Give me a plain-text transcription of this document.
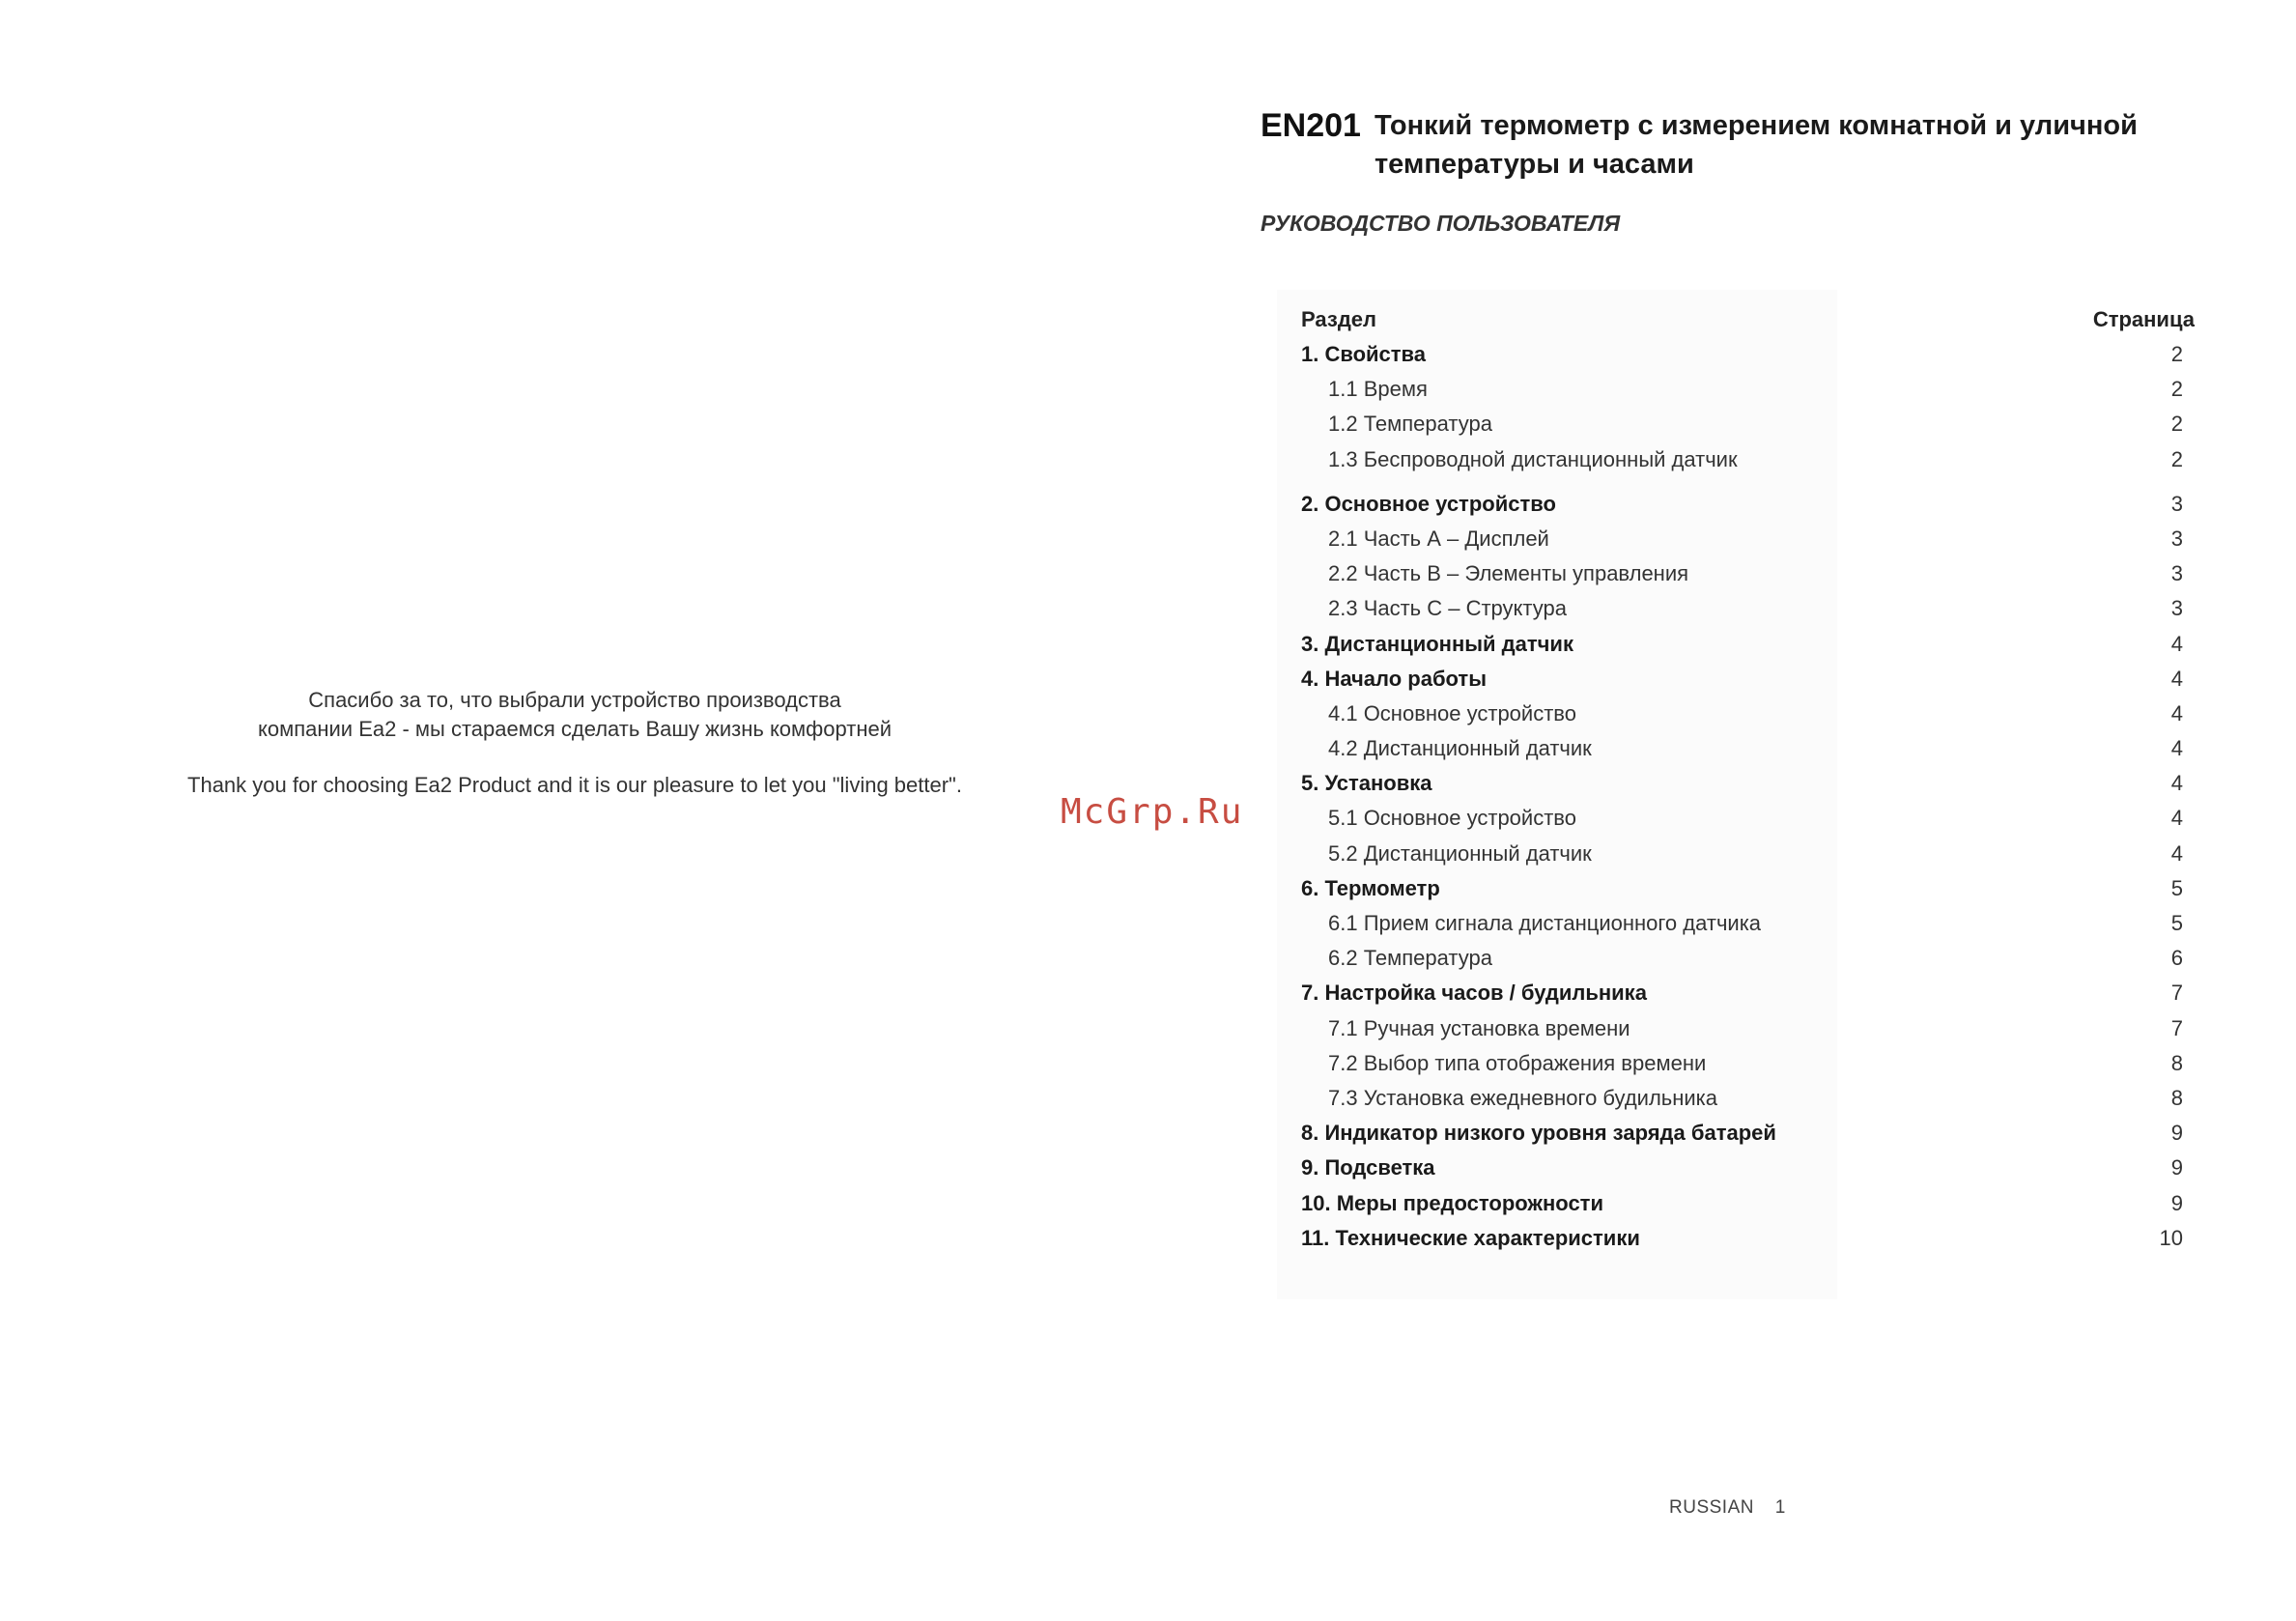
Спасибо за то, что выбрали устройство производства
компании Ea2 - мы стараемся сделать Вашу жизнь комфортней
Thank you for choosing Ea2 Product and it is our pleasure to let you "living better".
McGrp.Ru
EN201 Тонкий термометр с измерением комнатной и уличной температуры и часами
РУКОВОДСТВО ПОЛЬЗОВАТЕЛЯ
Раздел	Страница
1. Свойства	2
1.1 Время	2
1.2 Температура	2
1.3 Беспроводной дистанционный датчик	2
2. Основное устройство	3
2.1 Часть А – Дисплей	3
2.2 Часть В – Элементы управления	3
2.3 Часть С – Структура	3
3. Дистанционный датчик	4
4. Начало работы	4
4.1 Основное устройство	4
4.2 Дистанционный датчик	4
5. Установка	4
5.1 Основное устройство	4
5.2 Дистанционный датчик	4
6. Термометр	5
6.1 Прием сигнала дистанционного датчика	5
6.2 Температура	6
7. Настройка часов / будильника	7
7.1 Ручная установка времени	7
7.2 Выбор типа отображения времени	8
7.3 Установка ежедневного будильника	8
8. Индикатор низкого уровня заряда батарей	9
9. Подсветка	9
10. Меры предосторожности	9
11. Технические характеристики	10
RUSSIAN 1
